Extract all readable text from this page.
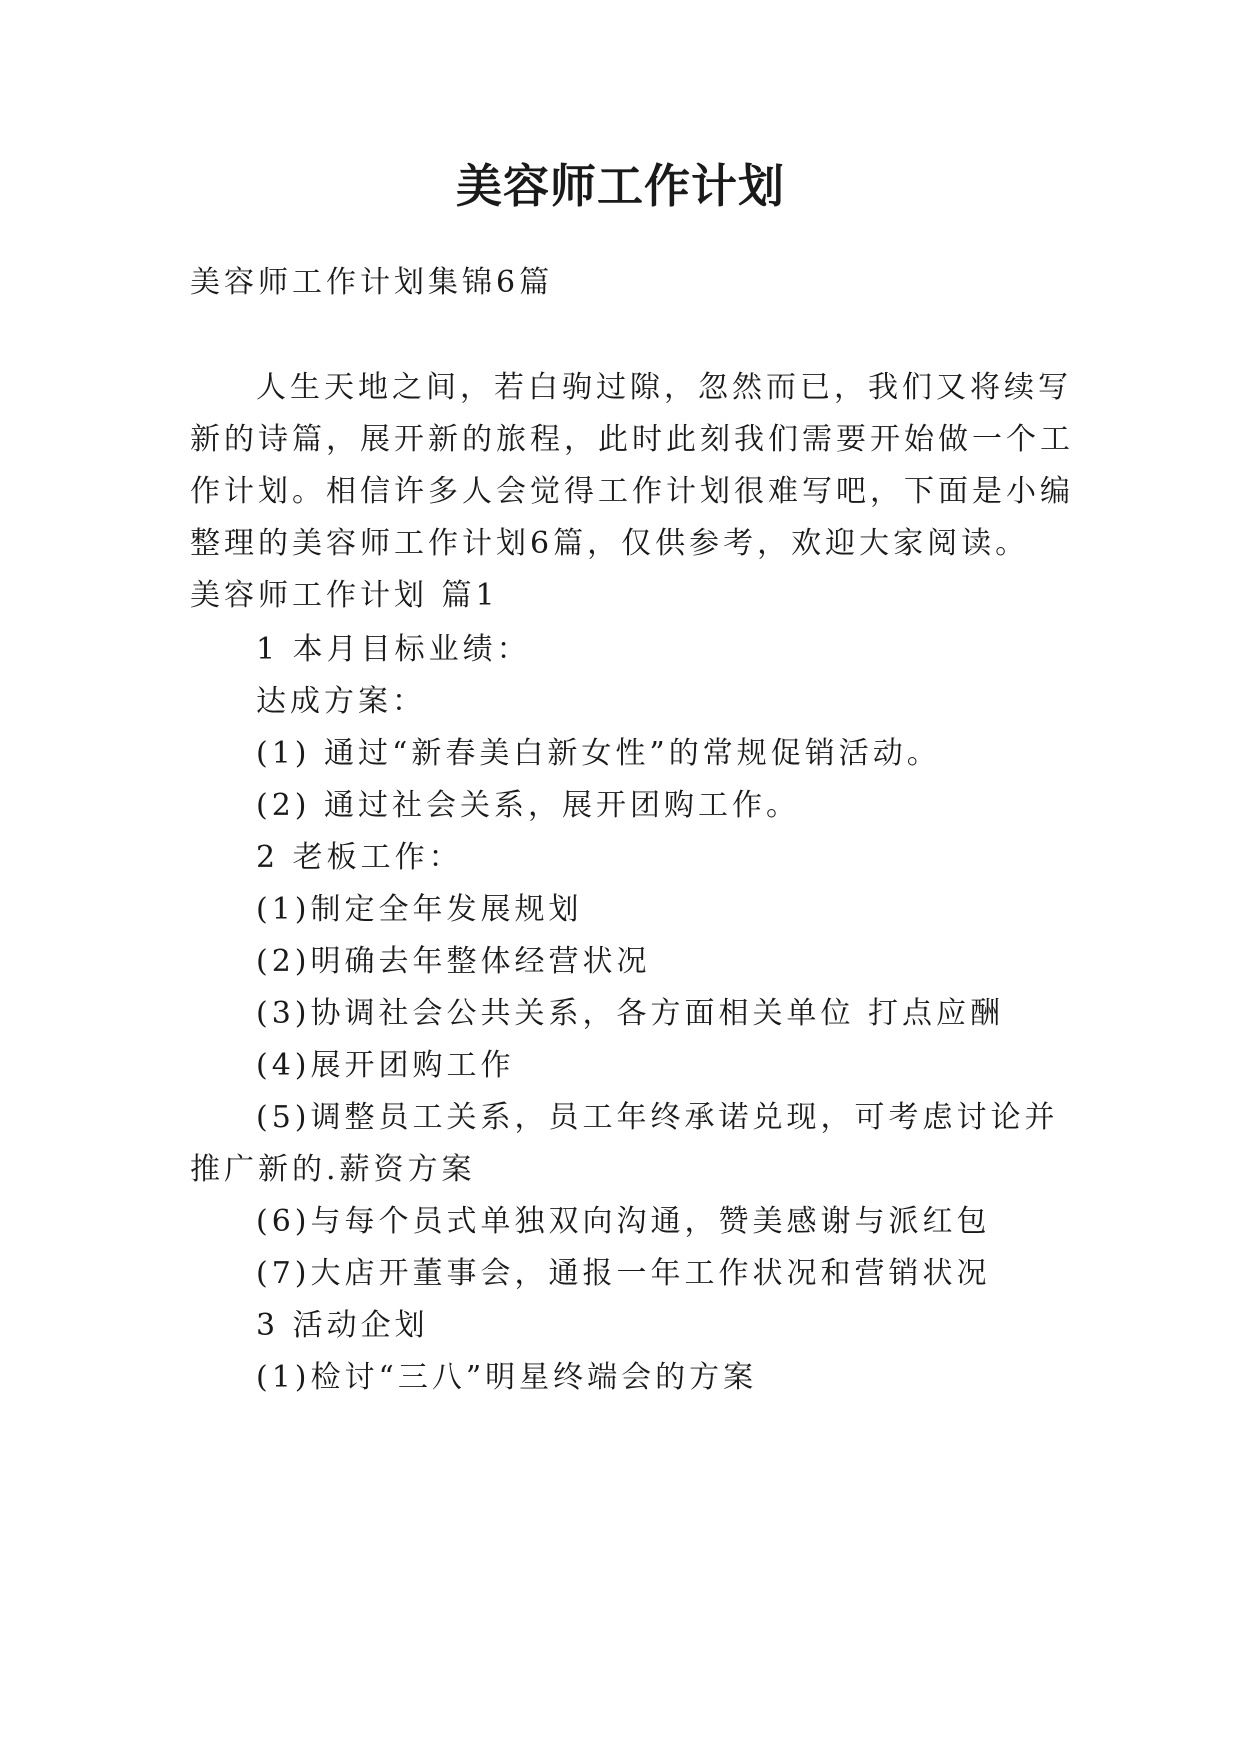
美容师工作计划

美容师工作计划集锦6篇

人生天地之间，若白驹过隙，忽然而已，我们又将续写

新的诗篇，展开新的旅程，此时此刻我们需要开始做一个工

作计划。相信许多人会觉得工作计划很难写吧，下面是小编

整理的美容师工作计划6篇，仅供参考，欢迎大家阅读。

美容师工作计划 篇1

1 本月目标业绩：

达成方案：

(1) 通过“新春美白新女性”的常规促销活动。

(2) 通过社会关系，展开团购工作。

2 老板工作：

(1)制定全年发展规划

(2)明确去年整体经营状况

(3)协调社会公共关系，各方面相关单位 打点应酬

(4)展开团购工作

(5)调整员工关系，员工年终承诺兑现，可考虑讨论并

推广新的.薪资方案

(6)与每个员式单独双向沟通，赞美感谢与派红包

(7)大店开董事会，通报一年工作状况和营销状况

3 活动企划

(1)检讨“三八”明星终端会的方案
